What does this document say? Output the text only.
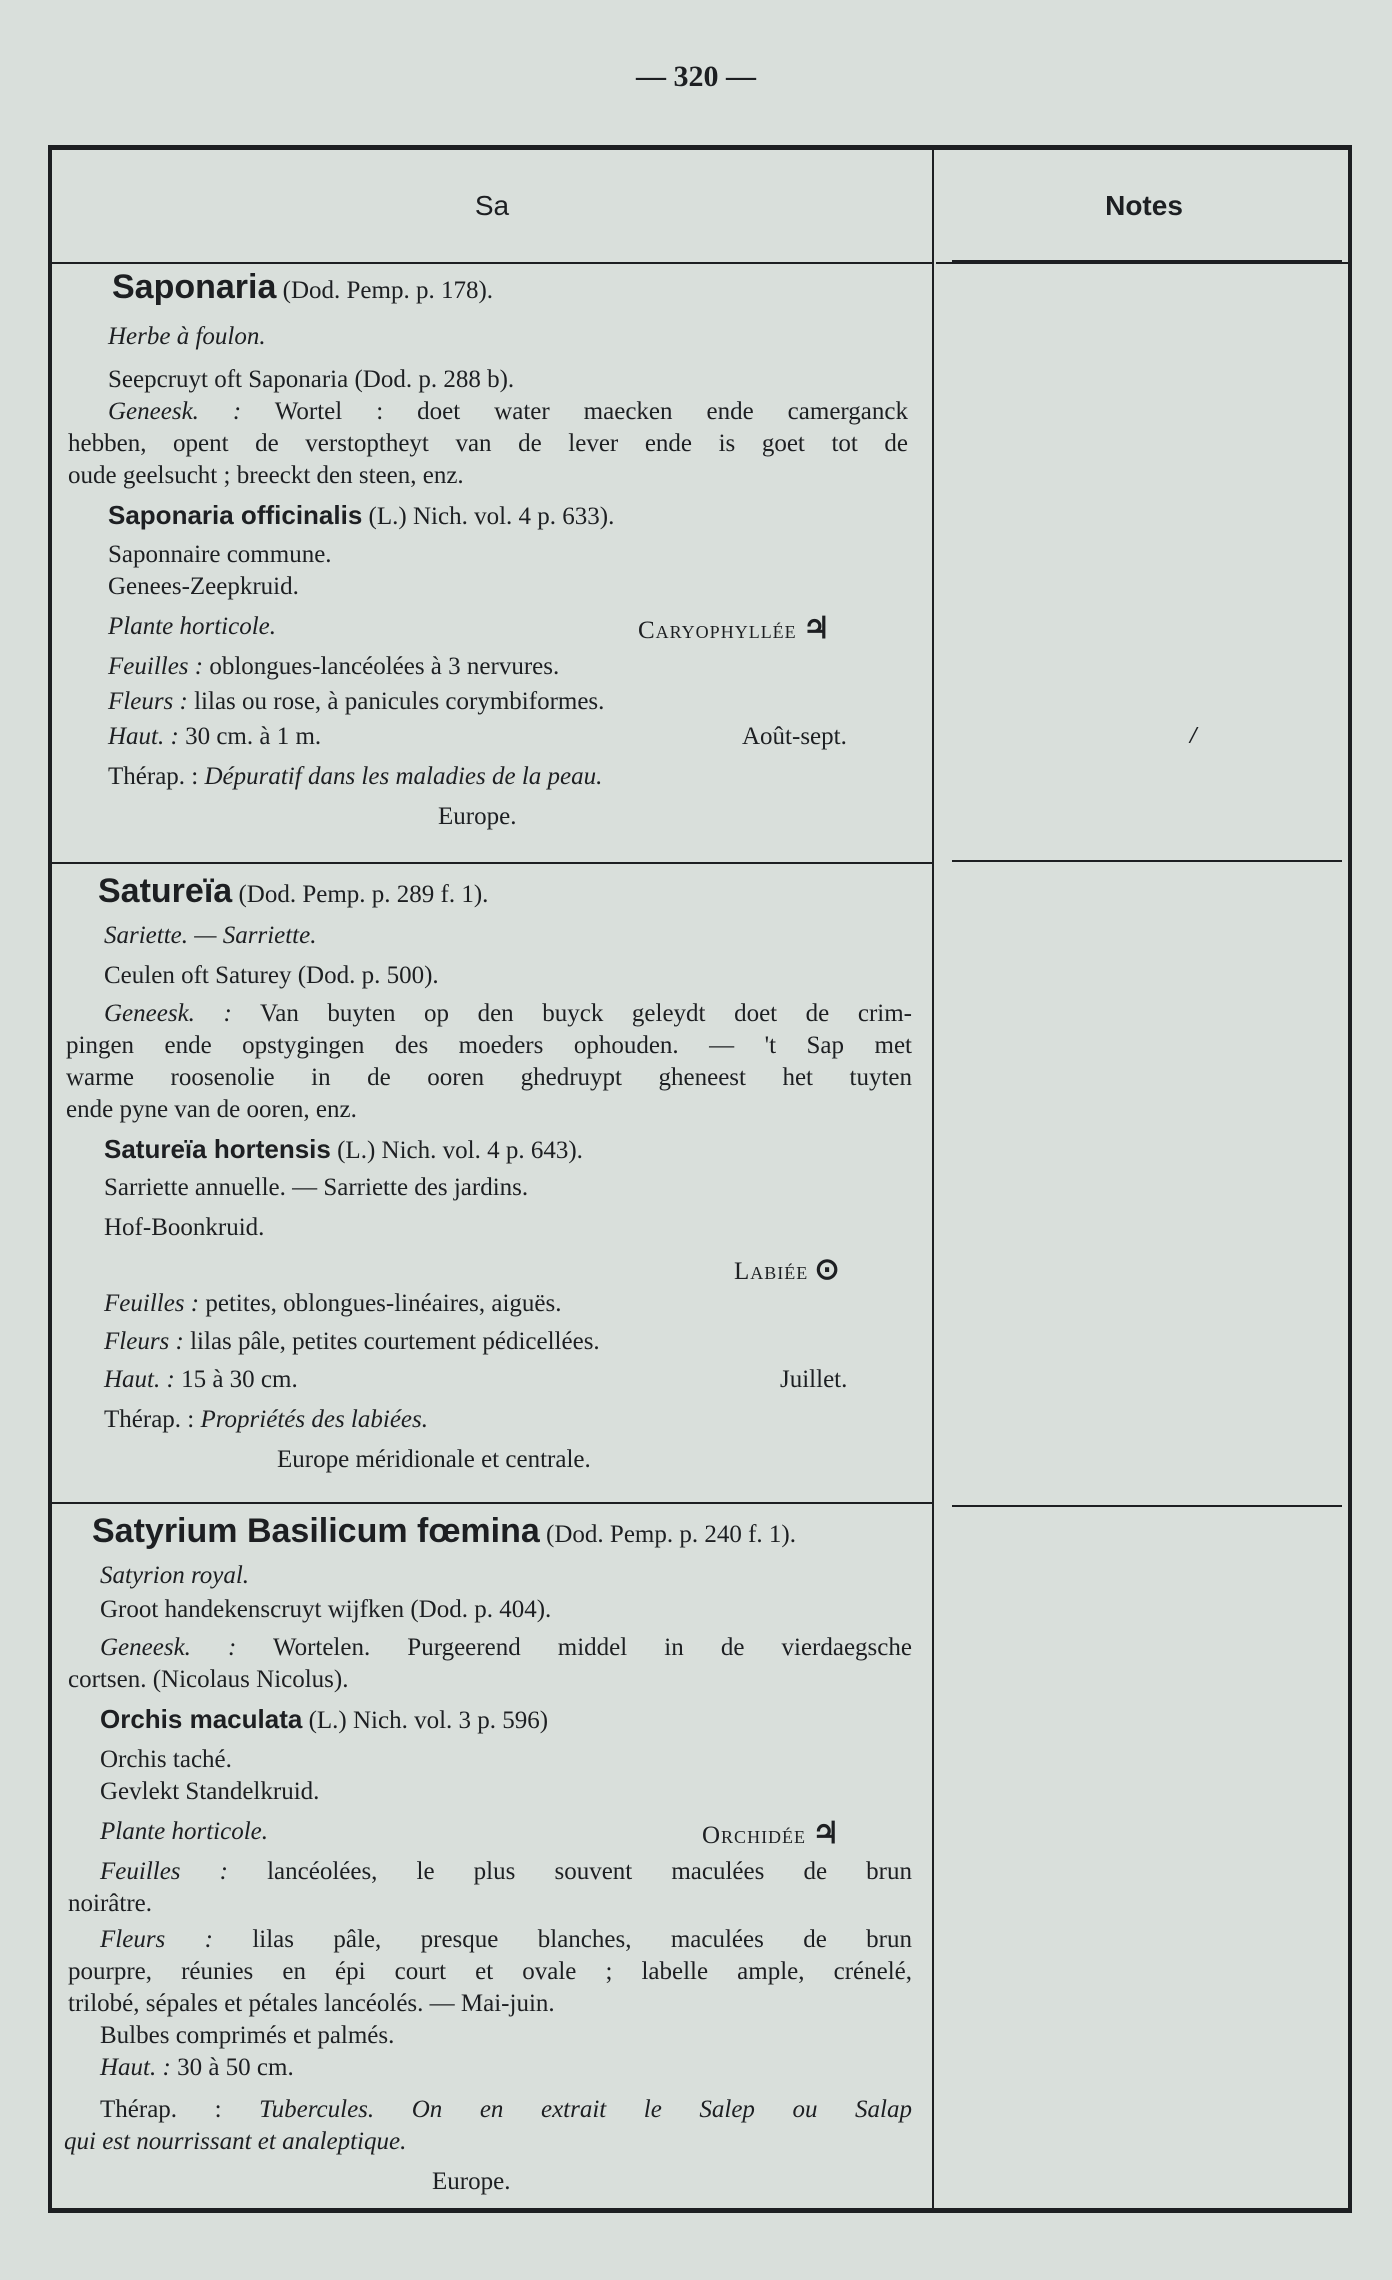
— 320 —
Sa	Notes
Saponaria (Dod. Pemp. p. 178).
Herbe à foulon.
Seepcruyt oft Saponaria (Dod. p. 288 b).
Geneesk. : Wortel : doet water maecken ende camerganck
hebben, opent de verstoptheyt van de lever ende is goet tot de
oude geelsucht ; breeckt den steen, enz.
Saponaria officinalis (L.) Nich. vol. 4 p. 633).
Saponnaire commune.
Genees-Zeepkruid.
Plante horticole.	Caryophyllée ♃
Feuilles : oblongues-lancéolées à 3 nervures.
Fleurs : lilas ou rose, à panicules corymbiformes.
Haut. : 30 cm. à 1 m.	Août-sept.
Thérap. : Dépuratif dans les maladies de la peau.
Europe.
Satureïa (Dod. Pemp. p. 289 f. 1).
Sariette. — Sarriette.
Ceulen oft Saturey (Dod. p. 500).
Geneesk. : Van buyten op den buyck geleydt doet de crim-
pingen ende opstygingen des moeders ophouden. — 't Sap met
warme roosenolie in de ooren ghedruypt gheneest het tuyten
ende pyne van de ooren, enz.
Satureïa hortensis (L.) Nich. vol. 4 p. 643).
Sarriette annuelle. — Sarriette des jardins.
Hof-Boonkruid.
Labiée ⊙
Feuilles : petites, oblongues-linéaires, aiguës.
Fleurs : lilas pâle, petites courtement pédicellées.
Haut. : 15 à 30 cm.	Juillet.
Thérap. : Propriétés des labiées.
Europe méridionale et centrale.
Satyrium Basilicum fœmina (Dod. Pemp. p. 240 f. 1).
Satyrion royal.
Groot handekenscruyt wijfken (Dod. p. 404).
Geneesk. : Wortelen. Purgeerend middel in de vierdaegsche
cortsen. (Nicolaus Nicolus).
Orchis maculata (L.) Nich. vol. 3 p. 596)
Orchis taché.
Gevlekt Standelkruid.
Plante horticole.	Orchidée ♃
Feuilles : lancéolées, le plus souvent maculées de brun
noirâtre.
Fleurs : lilas pâle, presque blanches, maculées de brun
pourpre, réunies en épi court et ovale ; labelle ample, crénelé,
trilobé, sépales et pétales lancéolés. — Mai-juin.
Bulbes comprimés et palmés.
Haut. : 30 à 50 cm.
Thérap. : Tubercules. On en extrait le Salep ou Salap
qui est nourrissant et analeptique.
Europe.
/
